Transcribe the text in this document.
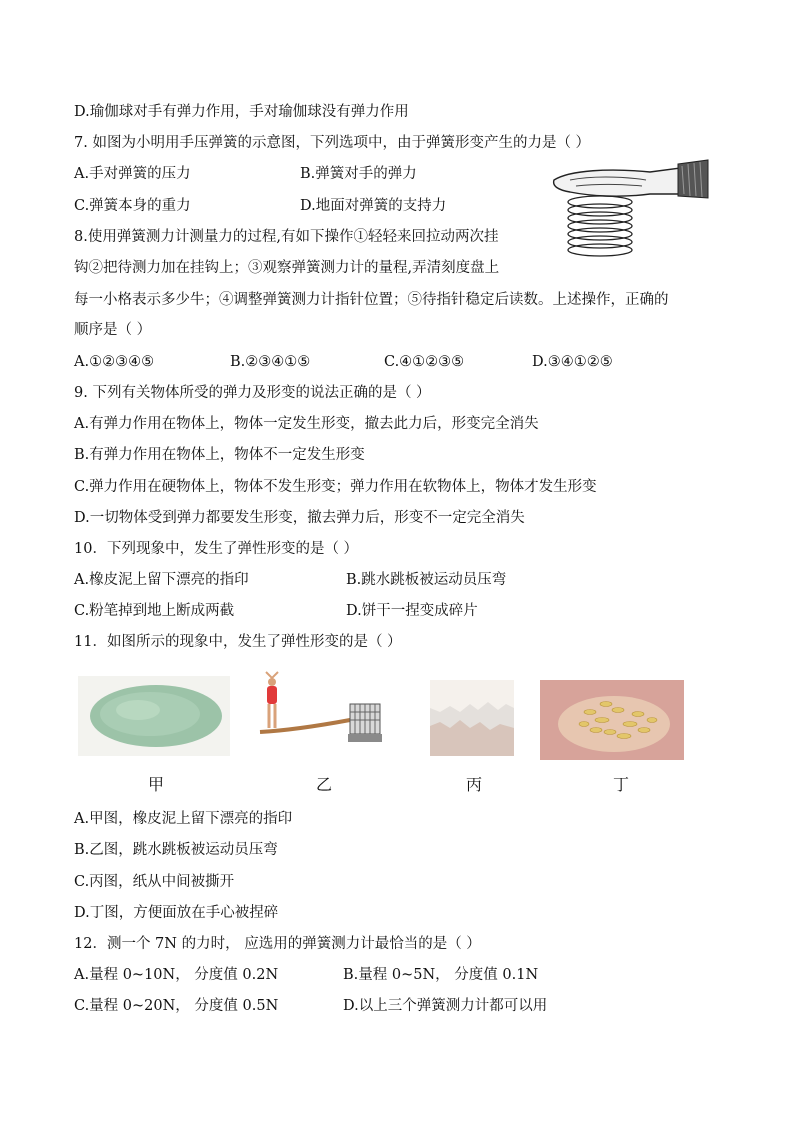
D.瑜伽球对手有弹力作用，手对瑜伽球没有弹力作用
7. 如图为小明用手压弹簧的示意图，下列选项中，由于弹簧形变产生的力是（ ）
A.手对弹簧的压力	B.弹簧对手的弹力
C.弹簧本身的重力	D.地面对弹簧的支持力
8.使用弹簧测力计测量力的过程,有如下操作①轻轻来回拉动两次挂
钩②把待测力加在挂钩上；③观察弹簧测力计的量程,弄清刻度盘上
每一小格表示多少牛；④调整弹簧测力计指针位置；⑤待指针稳定后读数。上述操作，正确的
顺序是（ ）
A.①②③④⑤	B.②③④①⑤	C.④①②③⑤	D.③④①②⑤
9. 下列有关物体所受的弹力及形变的说法正确的是（ ）
A.有弹力作用在物体上，物体一定发生形变，撤去此力后，形变完全消失
B.有弹力作用在物体上，物体不一定发生形变
C.弹力作用在硬物体上，物体不发生形变；弹力作用在软物体上，物体才发生形变
D.一切物体受到弹力都要发生形变，撤去弹力后，形变不一定完全消失
10．下列现象中，发生了弹性形变的是（ ）
A.橡皮泥上留下漂亮的指印	B.跳水跳板被运动员压弯
C.粉笔掉到地上断成两截	D.饼干一捏变成碎片
11．如图所示的现象中，发生了弹性形变的是（ ）
甲	乙	丙	丁
A.甲图，橡皮泥上留下漂亮的指印
B.乙图，跳水跳板被运动员压弯
C.丙图，纸从中间被撕开
D.丁图，方便面放在手心被捏碎
12．测一个 7N 的力时， 应选用的弹簧测力计最恰当的是（ ）
A.量程 0~10N， 分度值 0.2N	B.量程 0~5N， 分度值 0.1N
C.量程 0~20N， 分度值 0.5N	D.以上三个弹簧测力计都可以用
